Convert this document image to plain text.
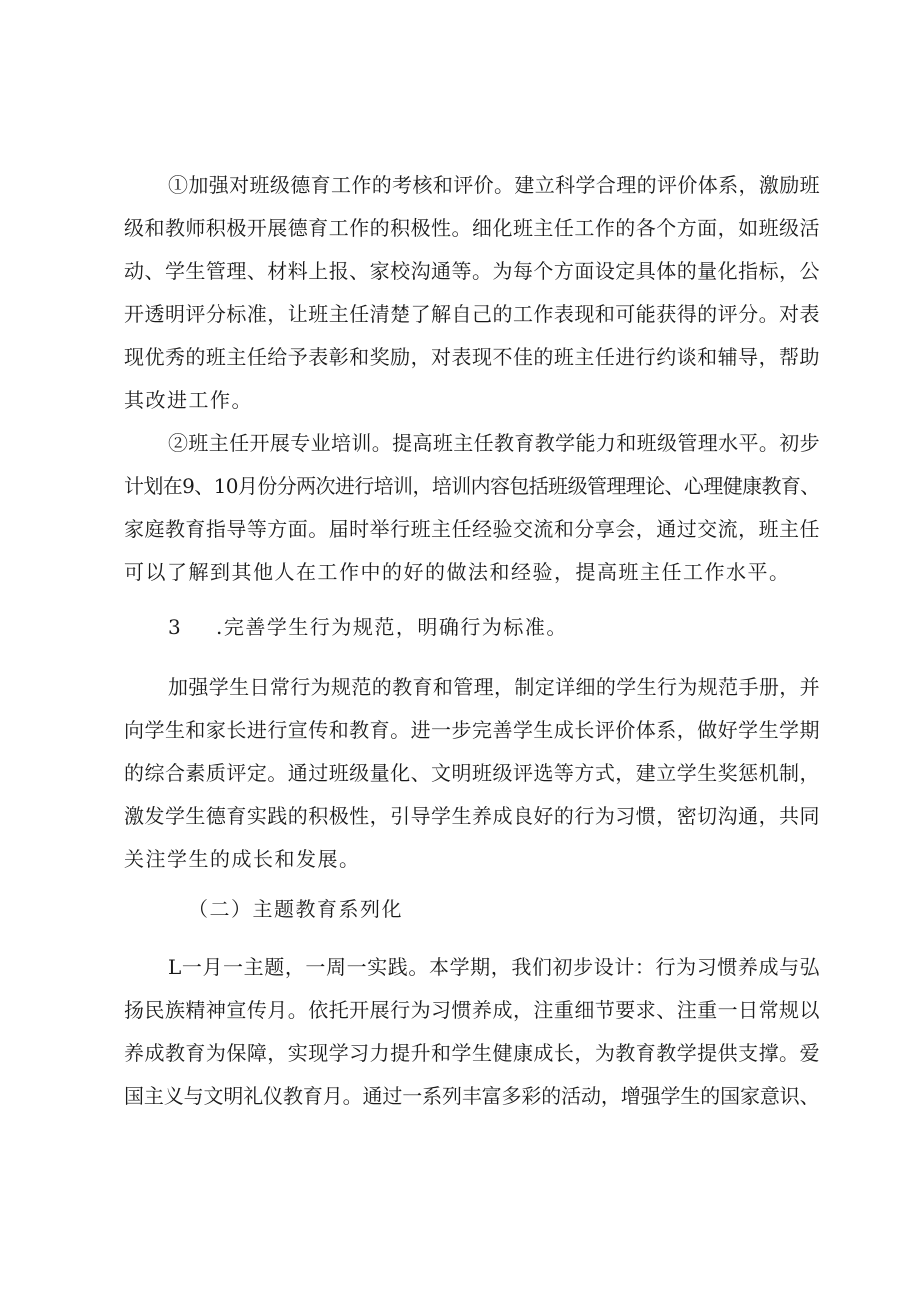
①加强对班级德育工作的考核和评价。建立科学合理的评价体系，激励班
级和教师积极开展德育工作的积极性。细化班主任工作的各个方面，如班级活
动、学生管理、材料上报、家校沟通等。为每个方面设定具体的量化指标，公
开透明评分标准，让班主任清楚了解自己的工作表现和可能获得的评分。对表
现优秀的班主任给予表彰和奖励，对表现不佳的班主任进行约谈和辅导，帮助
其改进工作。

②班主任开展专业培训。提高班主任教育教学能力和班级管理水平。初步
计划在9、10月份分两次进行培训，培训内容包括班级管理理论、心理健康教育、
家庭教育指导等方面。届时举行班主任经验交流和分享会，通过交流，班主任
可以了解到其他人在工作中的好的做法和经验，提高班主任工作水平。

3 .完善学生行为规范，明确行为标准。

加强学生日常行为规范的教育和管理，制定详细的学生行为规范手册，并
向学生和家长进行宣传和教育。进一步完善学生成长评价体系，做好学生学期
的综合素质评定。通过班级量化、文明班级评选等方式，建立学生奖惩机制，
激发学生德育实践的积极性，引导学生养成良好的行为习惯，密切沟通，共同
关注学生的成长和发展。

（二）主题教育系列化

L一月一主题，一周一实践。本学期，我们初步设计：行为习惯养成与弘
扬民族精神宣传月。依托开展行为习惯养成，注重细节要求、注重一日常规以
养成教育为保障，实现学习力提升和学生健康成长，为教育教学提供支撑。爱
国主义与文明礼仪教育月。通过一系列丰富多彩的活动，增强学生的国家意识、
